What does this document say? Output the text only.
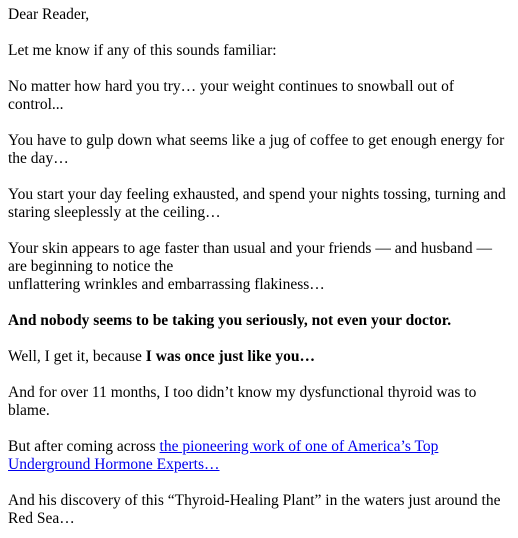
Dear Reader,

Let me know if any of this sounds familiar:

No matter how hard you try… your weight continues to snowball out of control...

You have to gulp down what seems like a jug of coffee to get enough energy for the day…

You start your day feeling exhausted, and spend your nights tossing, turning and staring sleeplessly at the ceiling…

Your skin appears to age faster than usual and your friends — and husband — are beginning to notice the
unflattering wrinkles and embarrassing flakiness…

And nobody seems to be taking you seriously, not even your doctor.

Well, I get it, because I was once just like you…

And for over 11 months, I too didn’t know my dysfunctional thyroid was to blame.

But after coming across the pioneering work of one of America’s Top Underground Hormone Experts…

And his discovery of this “Thyroid-Healing Plant” in the waters just around the Red Sea…
